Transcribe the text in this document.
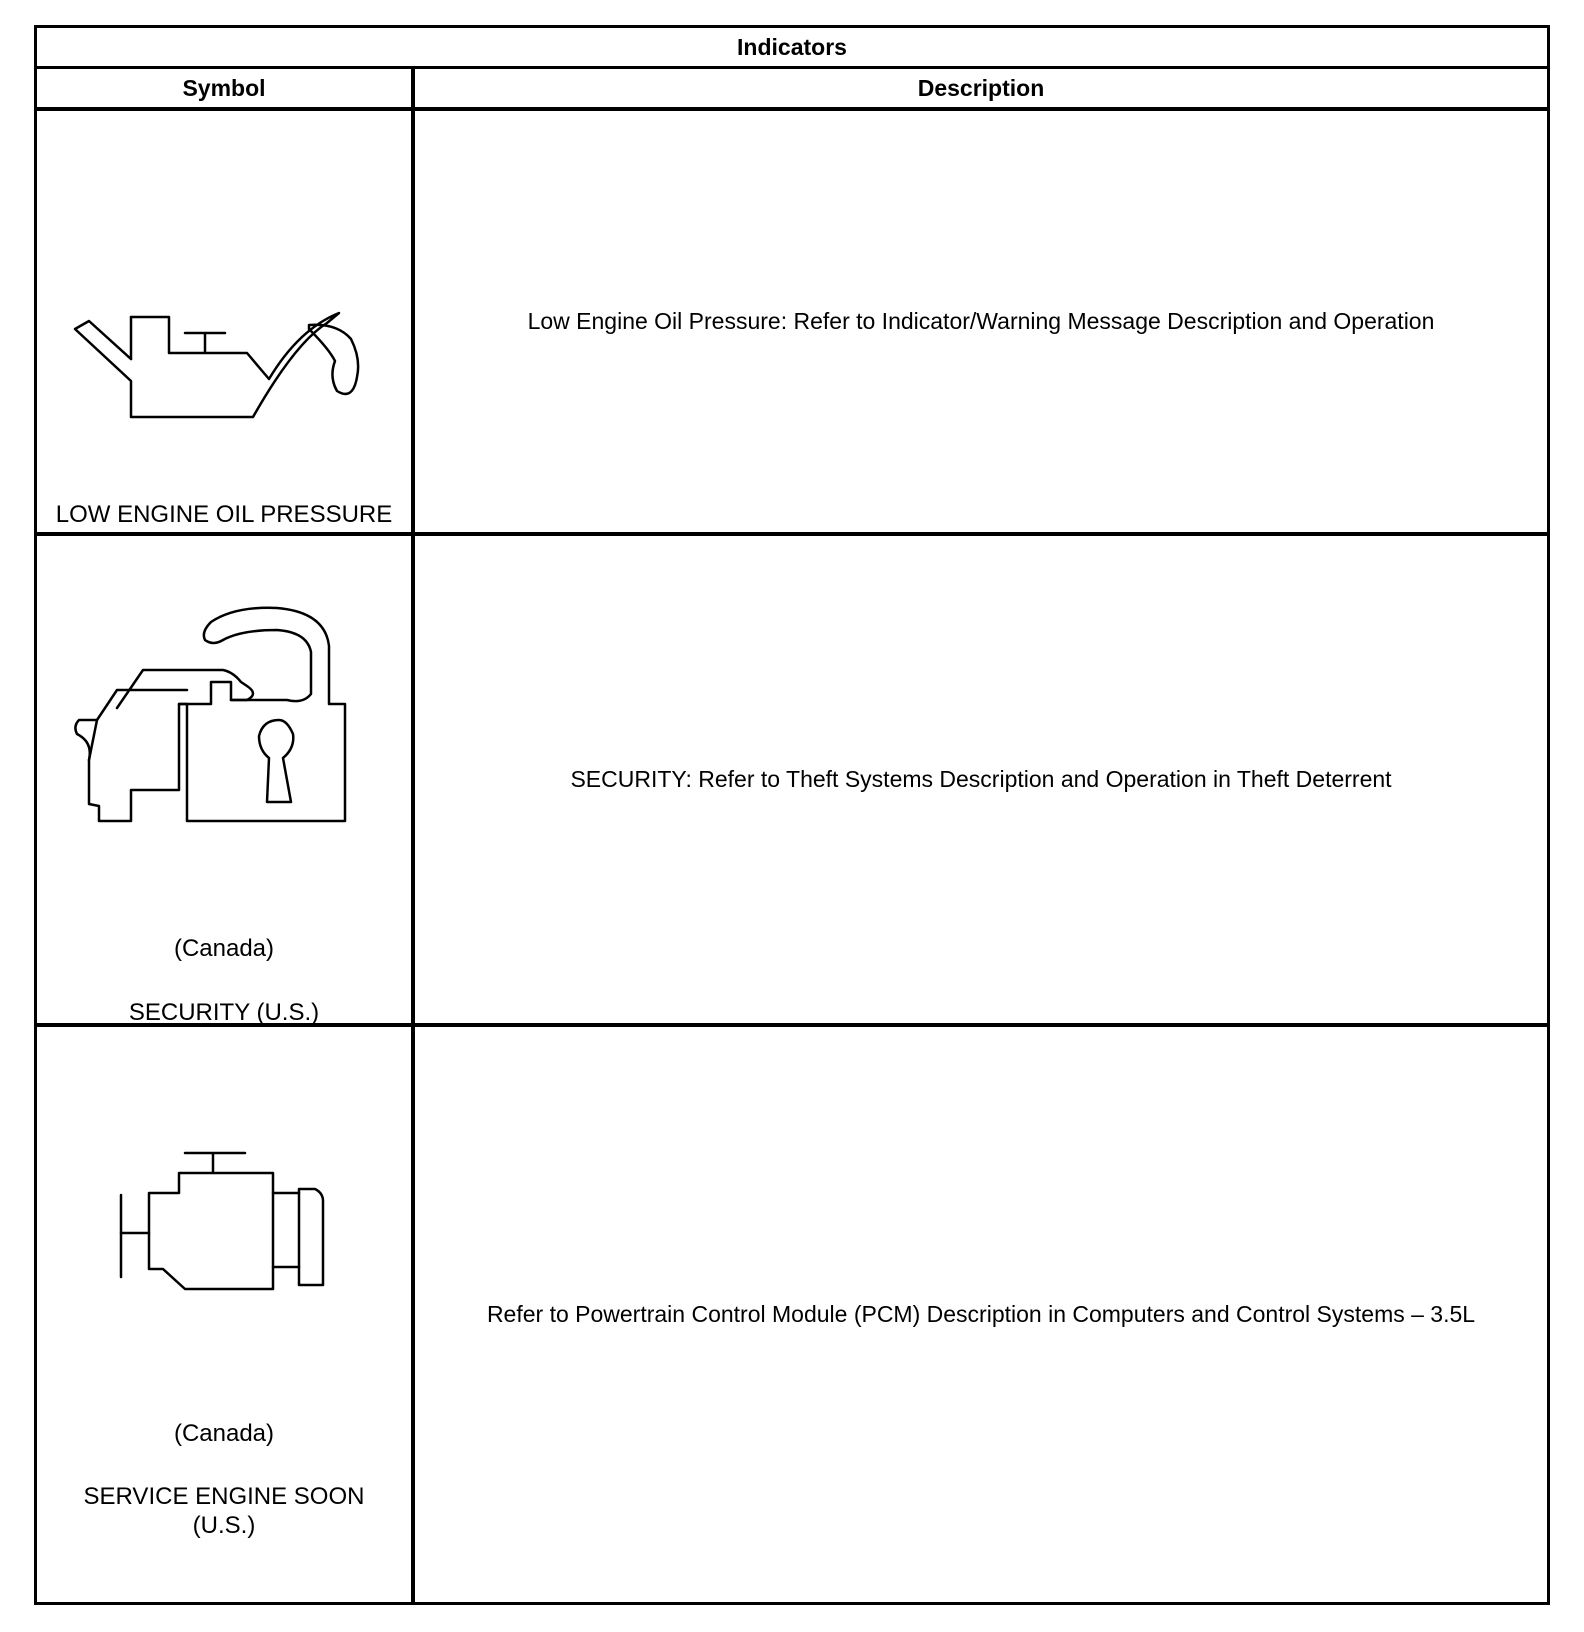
Indicators
Symbol	Description
LOW ENGINE OIL PRESSURE
Low Engine Oil Pressure: Refer to Indicator/Warning Message Description and Operation
(Canada)
SECURITY (U.S.)
SECURITY: Refer to Theft Systems Description and Operation in Theft Deterrent
(Canada)
SERVICE ENGINE SOON (U.S.)
Refer to Powertrain Control Module (PCM) Description in Computers and Control Systems – 3.5L
